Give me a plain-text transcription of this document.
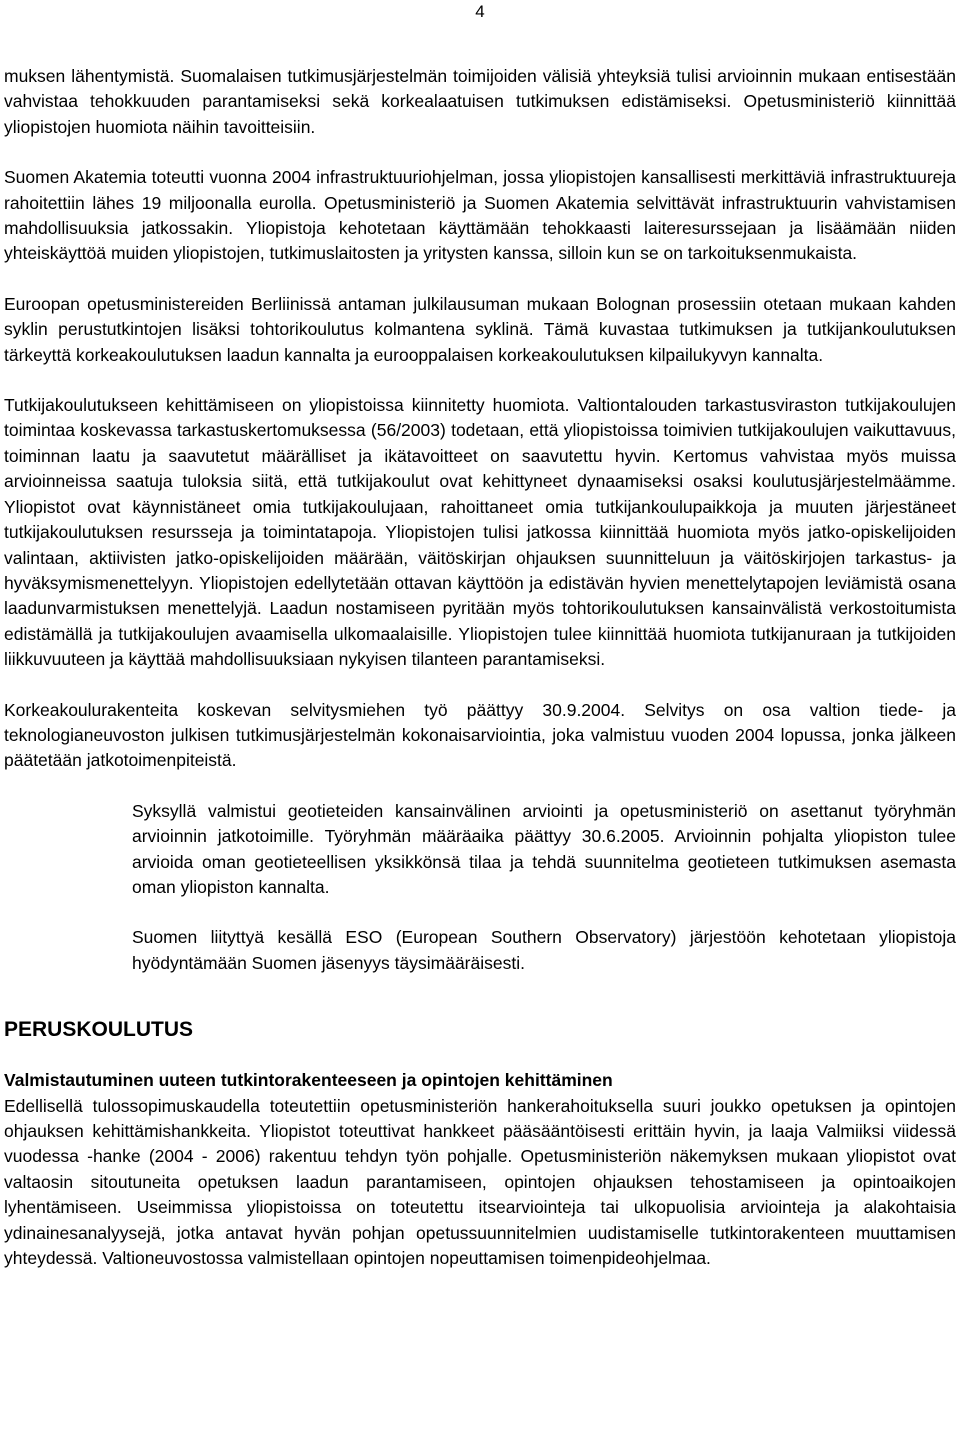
4

muksen lähentymistä. Suomalaisen tutkimusjärjestelmän toimijoiden välisiä yhteyksiä tulisi arvioinnin mukaan entisestään vahvistaa tehokkuuden parantamiseksi sekä korkealaatuisen tutkimuksen edistämiseksi. Opetusministeriö kiinnittää yliopistojen huomiota näihin tavoitteisiin.

Suomen Akatemia toteutti vuonna 2004 infrastruktuuriohjelman, jossa yliopistojen kansallisesti merkittäviä infrastruktuureja rahoitettiin lähes 19 miljoonalla eurolla. Opetusministeriö ja Suomen Akatemia selvittävät infrastruktuurin vahvistamisen mahdollisuuksia jatkossakin. Yliopistoja kehotetaan käyttämään tehokkaasti laiteresurssejaan ja lisäämään niiden yhteiskäyttöä muiden yliopistojen, tutkimuslaitosten ja yritysten kanssa, silloin kun se on tarkoituksenmukaista.

Euroopan opetusministereiden Berliinissä antaman julkilausuman mukaan Bolognan prosessiin otetaan mukaan kahden syklin perustutkintojen lisäksi tohtorikoulutus kolmantena syklinä. Tämä kuvastaa tutkimuksen ja tutkijankoulutuksen tärkeyttä korkeakoulutuksen laadun kannalta ja eurooppalaisen korkeakoulutuksen kilpailukyvyn kannalta.

Tutkijakoulutukseen kehittämiseen on yliopistoissa kiinnitetty huomiota. Valtiontalouden tarkastusviraston tutkijakoulujen toimintaa koskevassa tarkastuskertomuksessa (56/2003) todetaan, että yliopistoissa toimivien tutkijakoulujen vaikuttavuus, toiminnan laatu ja saavutetut määrälliset ja ikätavoitteet on saavutettu hyvin. Kertomus vahvistaa myös muissa arvioinneissa saatuja tuloksia siitä, että tutkijakoulut ovat kehittyneet dynaamiseksi osaksi koulutusjärjestelmäämme. Yliopistot ovat käynnistäneet omia tutkijakoulujaan, rahoittaneet omia tutkijankoulupaikkoja ja muuten järjestäneet tutkijakoulutuksen resursseja ja toimintatapoja. Yliopistojen tulisi jatkossa kiinnittää huomiota myös jatko-opiskelijoiden valintaan, aktiivisten jatko-opiskelijoiden määrään, väitöskirjan ohjauksen suunnitteluun ja väitöskirjojen tarkastus- ja hyväksymismenettelyyn. Yliopistojen edellytetään ottavan käyttöön ja edistävän hyvien menettelytapojen leviämistä osana laadunvarmistuksen menettelyjä. Laadun nostamiseen pyritään myös tohtorikoulutuksen kansainvälistä verkostoitumista edistämällä ja tutkijakoulujen avaamisella ulkomaalaisille. Yliopistojen tulee kiinnittää huomiota tutkijanuraan ja tutkijoiden liikkuvuuteen ja käyttää mahdollisuuksiaan nykyisen tilanteen parantamiseksi.

Korkeakoulurakenteita koskevan selvitysmiehen työ päättyy 30.9.2004. Selvitys on osa valtion tiede- ja teknologianeuvoston julkisen tutkimusjärjestelmän kokonaisarviointia, joka valmistuu vuoden 2004 lopussa, jonka jälkeen päätetään jatkotoimenpiteistä.

Syksyllä valmistui geotieteiden kansainvälinen arviointi ja opetusministeriö on asettanut työryhmän arvioinnin jatkotoimille. Työryhmän määräaika päättyy 30.6.2005. Arvioinnin pohjalta yliopiston tulee arvioida oman geotieteellisen yksikkönsä tilaa ja tehdä suunnitelma geotieteen tutkimuksen asemasta oman yliopiston kannalta.

Suomen liityttyä kesällä ESO (European Southern Observatory) järjestöön kehotetaan yliopistoja hyödyntämään Suomen jäsenyys täysimääräisesti.

PERUSKOULUTUS

Valmistautuminen uuteen tutkintorakenteeseen ja opintojen kehittäminen

Edellisellä tulossopimuskaudella toteutettiin opetusministeriön hankerahoituksella suuri joukko opetuksen ja opintojen ohjauksen kehittämishankkeita. Yliopistot toteuttivat hankkeet pääsääntöisesti erittäin hyvin, ja laaja Valmiiksi viidessä vuodessa -hanke (2004 - 2006) rakentuu tehdyn työn pohjalle. Opetusministeriön näkemyksen mukaan yliopistot ovat valtaosin sitoutuneita opetuksen laadun parantamiseen, opintojen ohjauksen tehostamiseen ja opintoaikojen lyhentämiseen. Useimmissa yliopistoissa on toteutettu itsearviointeja tai ulkopuolisia arviointeja ja alakohtaisia ydinainesanalyysejä, jotka antavat hyvän pohjan opetussuunnitelmien uudistamiselle tutkintorakenteen muuttamisen yhteydessä. Valtioneuvostossa valmistellaan opintojen nopeuttamisen toimenpideohjelmaa.
